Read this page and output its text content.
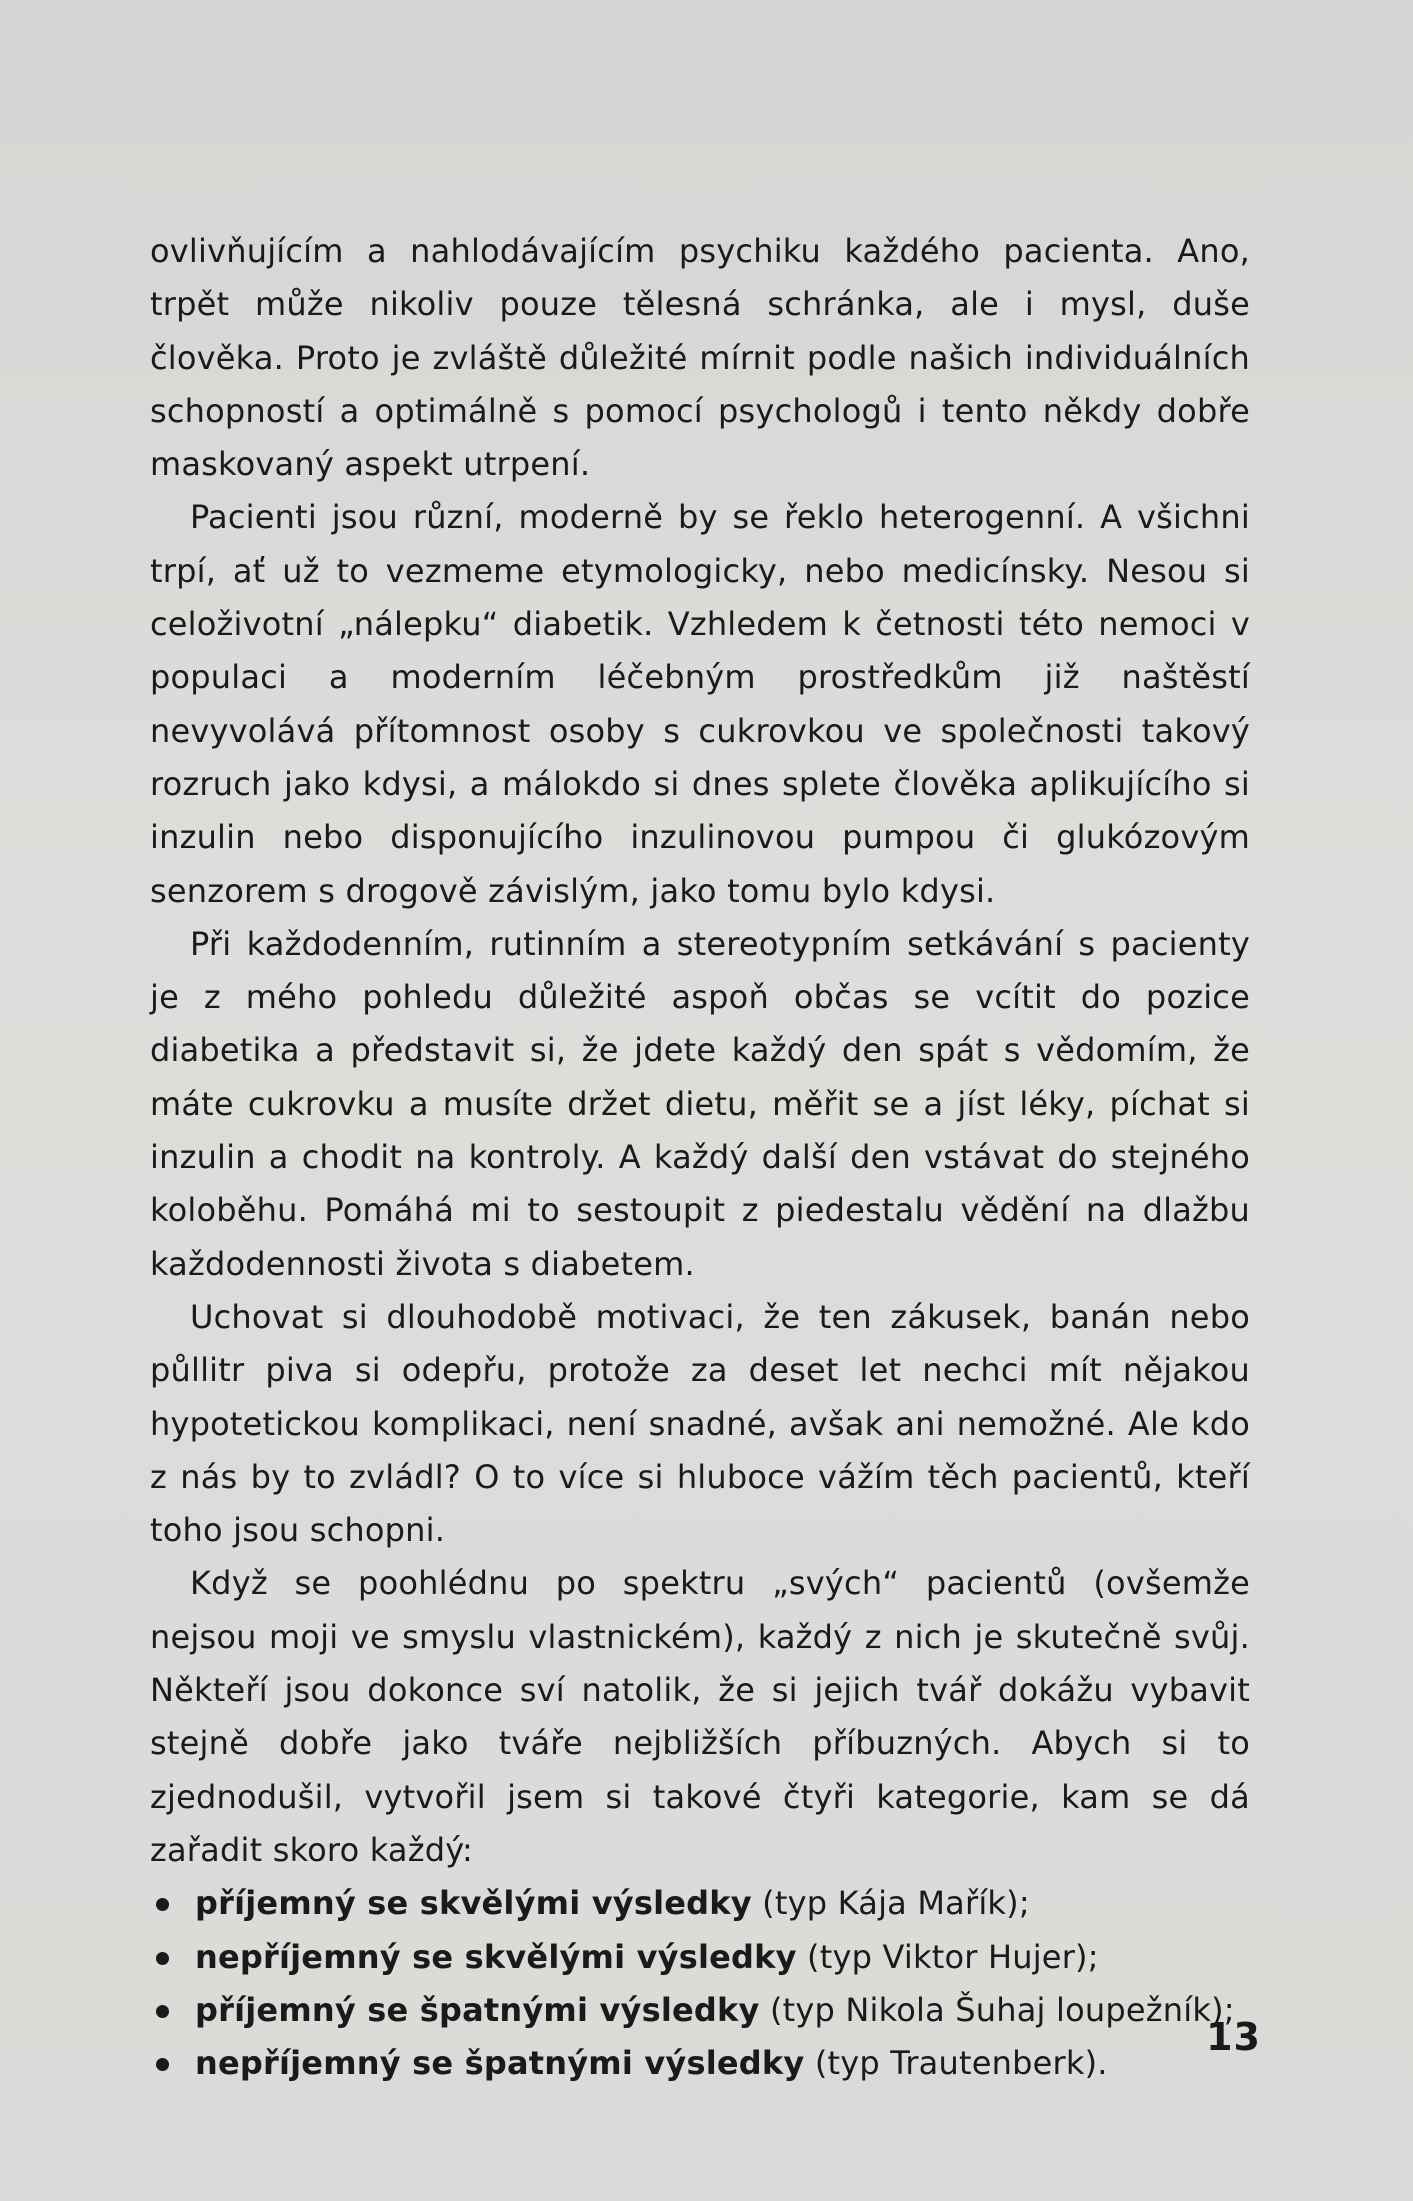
ovlivňujícím a nahlodávajícím psychiku každého pacienta. Ano, trpět může nikoliv pouze tělesná schránka, ale i mysl, duše člověka. Proto je zvláště důležité mírnit podle našich individuálních schopností a optimálně s pomocí psychologů i tento někdy dobře maskovaný aspekt utrpení.

Pacienti jsou různí, moderně by se řeklo heterogenní. A všichni trpí, ať už to vezmeme etymologicky, nebo medicínsky. Nesou si celoživotní „nálepku“ diabetik. Vzhledem k četnosti této nemoci v populaci a moderním léčebným prostředkům již naštěstí nevyvolává přítomnost osoby s cukrovkou ve společnosti takový rozruch jako kdysi, a málokdo si dnes splete člověka aplikujícího si inzulin nebo disponujícího inzulinovou pumpou či glukózovým senzorem s drogově závislým, jako tomu bylo kdysi.

Při každodenním, rutinním a stereotypním setkávání s pacienty je z mého pohledu důležité aspoň občas se vcítit do pozice diabetika a představit si, že jdete každý den spát s vědomím, že máte cukrovku a musíte držet dietu, měřit se a jíst léky, píchat si inzulin a chodit na kontroly. A každý další den vstávat do stejného koloběhu. Pomáhá mi to sestoupit z piedestalu vědění na dlažbu každodennosti života s diabetem.

Uchovat si dlouhodobě motivaci, že ten zákusek, banán nebo půllitr piva si odepřu, protože za deset let nechci mít nějakou hypotetickou komplikaci, není snadné, avšak ani nemožné. Ale kdo z nás by to zvládl? O to více si hluboce vážím těch pacientů, kteří toho jsou schopni.

Když se poohlédnu po spektru „svých“ pacientů (ovšemže nejsou moji ve smyslu vlastnickém), každý z nich je skutečně svůj. Někteří jsou dokonce sví natolik, že si jejich tvář dokážu vybavit stejně dobře jako tváře nejbližších příbuzných. Abych si to zjednodušil, vytvořil jsem si takové čtyři kategorie, kam se dá zařadit skoro každý:

příjemný se skvělými výsledky (typ Kája Mařík);
nepříjemný se skvělými výsledky (typ Viktor Hujer);
příjemný se špatnými výsledky (typ Nikola Šuhaj loupežník);
nepříjemný se špatnými výsledky (typ Trautenberk).
13
